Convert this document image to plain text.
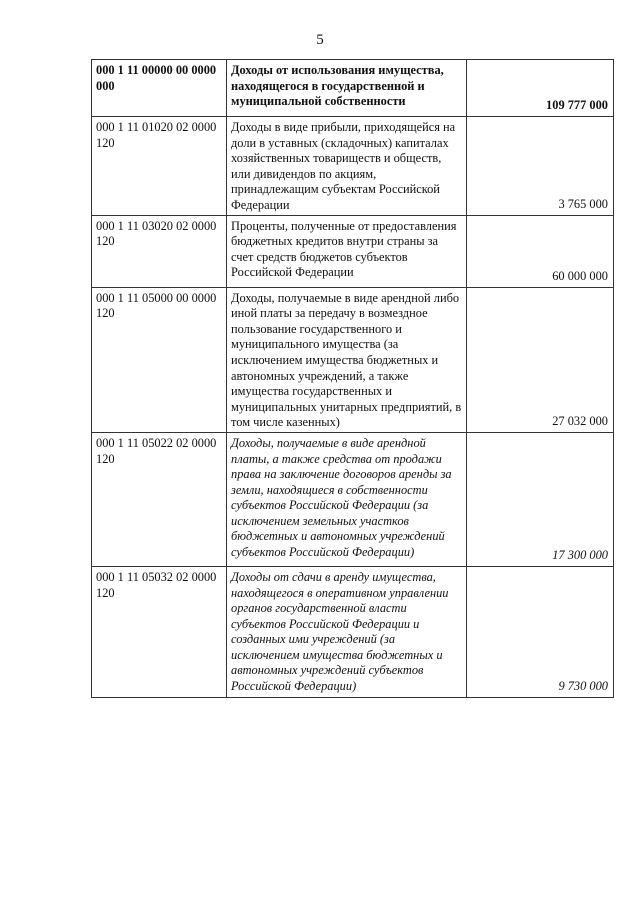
5
000 1 11 00000 00 0000 000	Доходы от использования имущества, находящегося в государственной и муниципальной собственности	109 777 000
000 1 11 01020 02 0000 120	Доходы в виде прибыли, приходящейся на доли в уставных (складочных) капиталах хозяйственных товариществ и обществ, или дивидендов по акциям, принадлежащим субъектам Российской Федерации	3 765 000
000 1 11 03020 02 0000 120	Проценты, полученные от предоставления бюджетных кредитов внутри страны за счет средств бюджетов субъектов Российской Федерации	60 000 000
000 1 11 05000 00 0000 120	Доходы, получаемые в виде арендной либо иной платы за передачу в возмездное пользование государственного и муниципального имущества (за исключением имущества бюджетных и автономных учреждений, а также имущества государственных и муниципальных унитарных предприятий, в том числе казенных)	27 032 000
000 1 11 05022 02 0000 120	Доходы, получаемые в виде арендной платы, а также средства от продажи права на заключение договоров аренды за земли, находящиеся в собственности субъектов Российской Федерации (за исключением земельных участков бюджетных и автономных учреждений субъектов Российской Федерации)	17 300 000
000 1 11 05032 02 0000 120	Доходы от сдачи в аренду имущества, находящегося в оперативном управлении органов государственной власти субъектов Российской Федерации и созданных ими учреждений (за исключением имущества бюджетных и автономных учреждений субъектов Российской Федерации)	9 730 000
